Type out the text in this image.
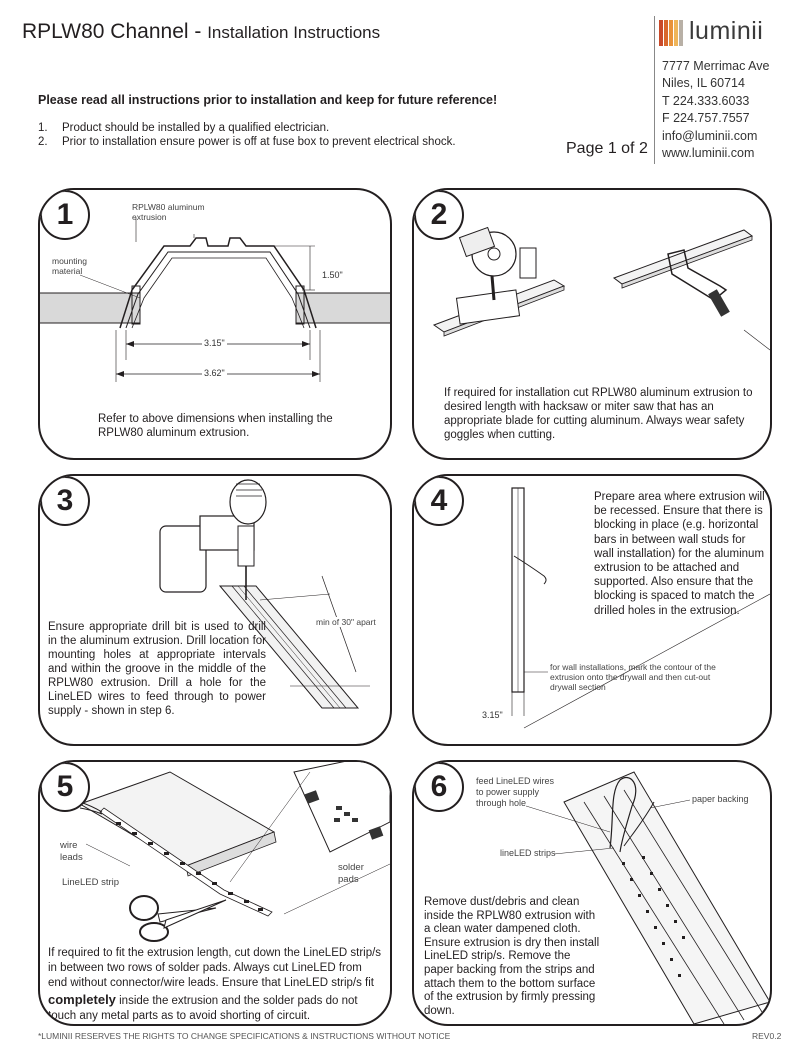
RPLW80 Channel - Installation Instructions	luminii
7777 Merrimac Ave
Niles, IL 60714
T 224.333.6033
F 224.757.7557
info@luminii.com
www.luminii.com
Page 1 of 2
Please read all instructions prior to installation and keep for future reference!
1. Product should be installed by a qualified electrician.
2. Prior to installation ensure power is off at fuse box to prevent electrical shock.
1	RPLW80 aluminum
extrusion
mounting
material	1.50"
3.15"
3.62"
Refer to above dimensions when installing the RPLW80 aluminum extrusion.
2
If required for installation cut RPLW80 aluminum extrusion to desired length with hacksaw or miter saw that has an appropriate blade for cutting aluminum. Always wear safety goggles when cutting.
3
min of 30" apart
Ensure appropriate drill bit is used to drill in the aluminum extrusion. Drill location for mounting holes at appropriate intervals and within the groove in the middle of the RPLW80 extrusion. Drill a hole for the LineLED wires to feed through to power supply - shown in step 6.
4	Prepare area where extrusion will be recessed. Ensure that there is blocking in place (e.g. horizontal bars in between wall studs for wall installation) for the aluminum extrusion to be attached and supported. Also ensure that the blocking is spaced to match the drilled holes in the extrusion.
for wall installations, mark the contour of the
extrusion onto the drywall and then cut-out
drywall section
3.15"
5
wire
leads
LineLED strip
solder
pads
If required to fit the extrusion length, cut down the LineLED strip/s in between two rows of solder pads. Always cut LineLED from end without connector/wire leads. Ensure that LineLED strip/s fit completely inside the extrusion and the solder pads do not touch any metal parts as to avoid shorting of circuit.
6	feed LineLED wires
to power supply
through hole	paper backing
lineLED strips
Remove dust/debris and clean inside the RPLW80 extrusion with a clean water dampened cloth. Ensure extrusion is dry then install LineLED strip/s. Remove the paper backing from the strips and attach them to the bottom surface of the extrusion by firmly pressing down.
*LUMINII RESERVES THE RIGHTS TO CHANGE SPECIFICATIONS & INSTRUCTIONS WITHOUT NOTICE	REV0.2
